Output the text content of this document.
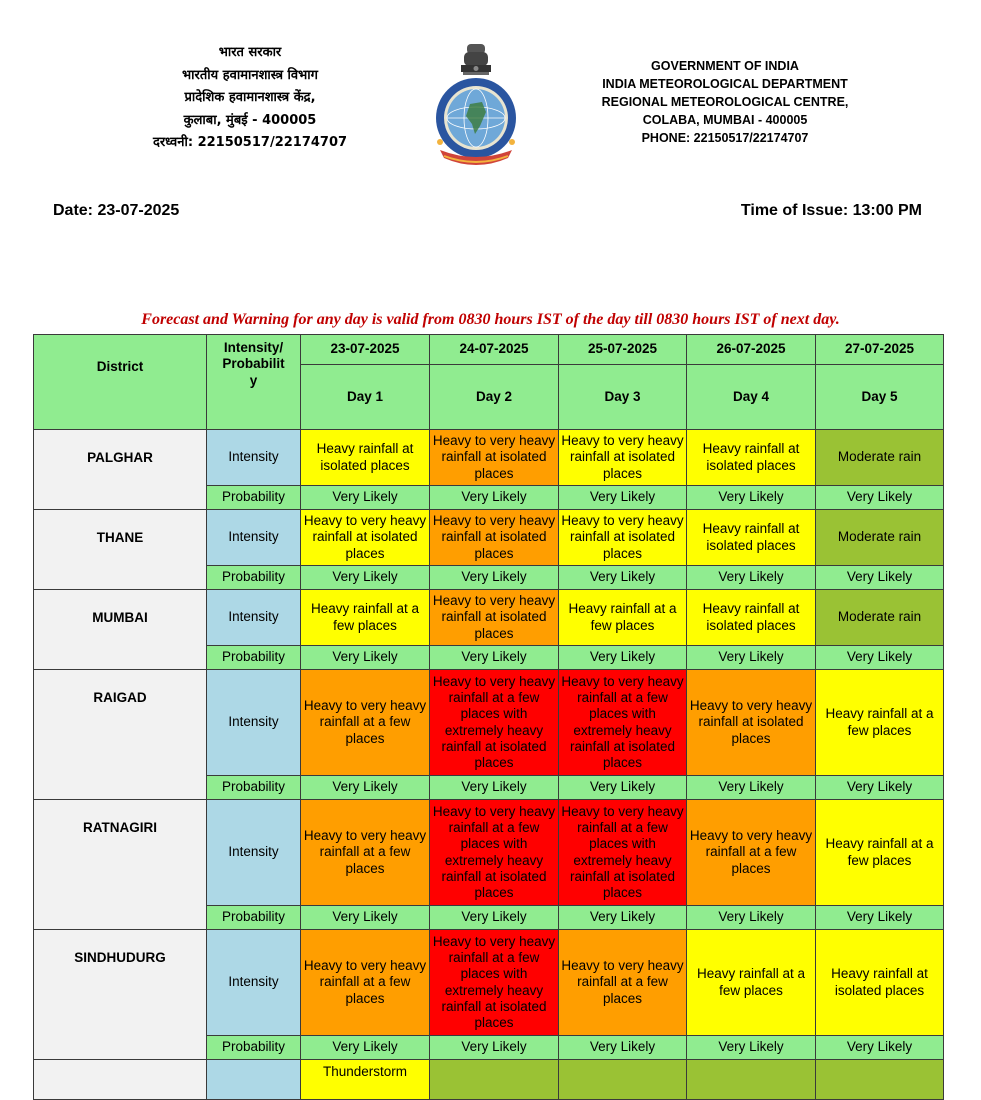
भारत सरकार
भारतीय हवामानशास्त्र विभाग
प्रादेशिक हवामानशास्त्र केंद्र,
कुलाबा, मुंबई - 400005
दरध्वनी: 22150517/22174707
GOVERNMENT OF INDIA
INDIA METEOROLOGICAL DEPARTMENT
REGIONAL METEOROLOGICAL CENTRE,
COLABA, MUMBAI - 400005
PHONE: 22150517/22174707
Date: 23-07-2025	Time of Issue: 13:00 PM
Forecast and Warning for any day is valid from 0830 hours IST of the day till 0830 hours IST of next day.
District	Intensity/
Probabilit
y	23-07-2025	24-07-2025	25-07-2025	26-07-2025	27-07-2025
		Day 1	Day 2	Day 3	Day 4	Day 5
PALGHAR	Intensity	Heavy rainfall at isolated places	Heavy to very heavy rainfall at isolated places	Heavy to very heavy rainfall at isolated places	Heavy rainfall at isolated places	Moderate rain
	Probability	Very Likely	Very Likely	Very Likely	Very Likely	Very Likely
THANE	Intensity	Heavy to very heavy rainfall at isolated places	Heavy to very heavy rainfall at isolated places	Heavy to very heavy rainfall at isolated places	Heavy rainfall at isolated places	Moderate rain
	Probability	Very Likely	Very Likely	Very Likely	Very Likely	Very Likely
MUMBAI	Intensity	Heavy rainfall at a few places	Heavy to very heavy rainfall at isolated places	Heavy rainfall at a few places	Heavy rainfall at isolated places	Moderate rain
	Probability	Very Likely	Very Likely	Very Likely	Very Likely	Very Likely
RAIGAD	Intensity	Heavy to very heavy rainfall at a few places	Heavy to very heavy rainfall at a few places with extremely heavy rainfall at isolated places	Heavy to very heavy rainfall at a few places with extremely heavy rainfall at isolated places	Heavy to very heavy rainfall at isolated places	Heavy rainfall at a few places
	Probability	Very Likely	Very Likely	Very Likely	Very Likely	Very Likely
RATNAGIRI	Intensity	Heavy to very heavy rainfall at a few places	Heavy to very heavy rainfall at a few places with extremely heavy rainfall at isolated places	Heavy to very heavy rainfall at a few places with extremely heavy rainfall at isolated places	Heavy to very heavy rainfall at a few places	Heavy rainfall at a few places
	Probability	Very Likely	Very Likely	Very Likely	Very Likely	Very Likely
SINDHUDURG	Intensity	Heavy to very heavy rainfall at a few places	Heavy to very heavy rainfall at a few places with extremely heavy rainfall at isolated places	Heavy to very heavy rainfall at a few places	Heavy rainfall at a few places	Heavy rainfall at isolated places
	Probability	Very Likely	Very Likely	Very Likely	Very Likely	Very Likely
		Thunderstorm				
